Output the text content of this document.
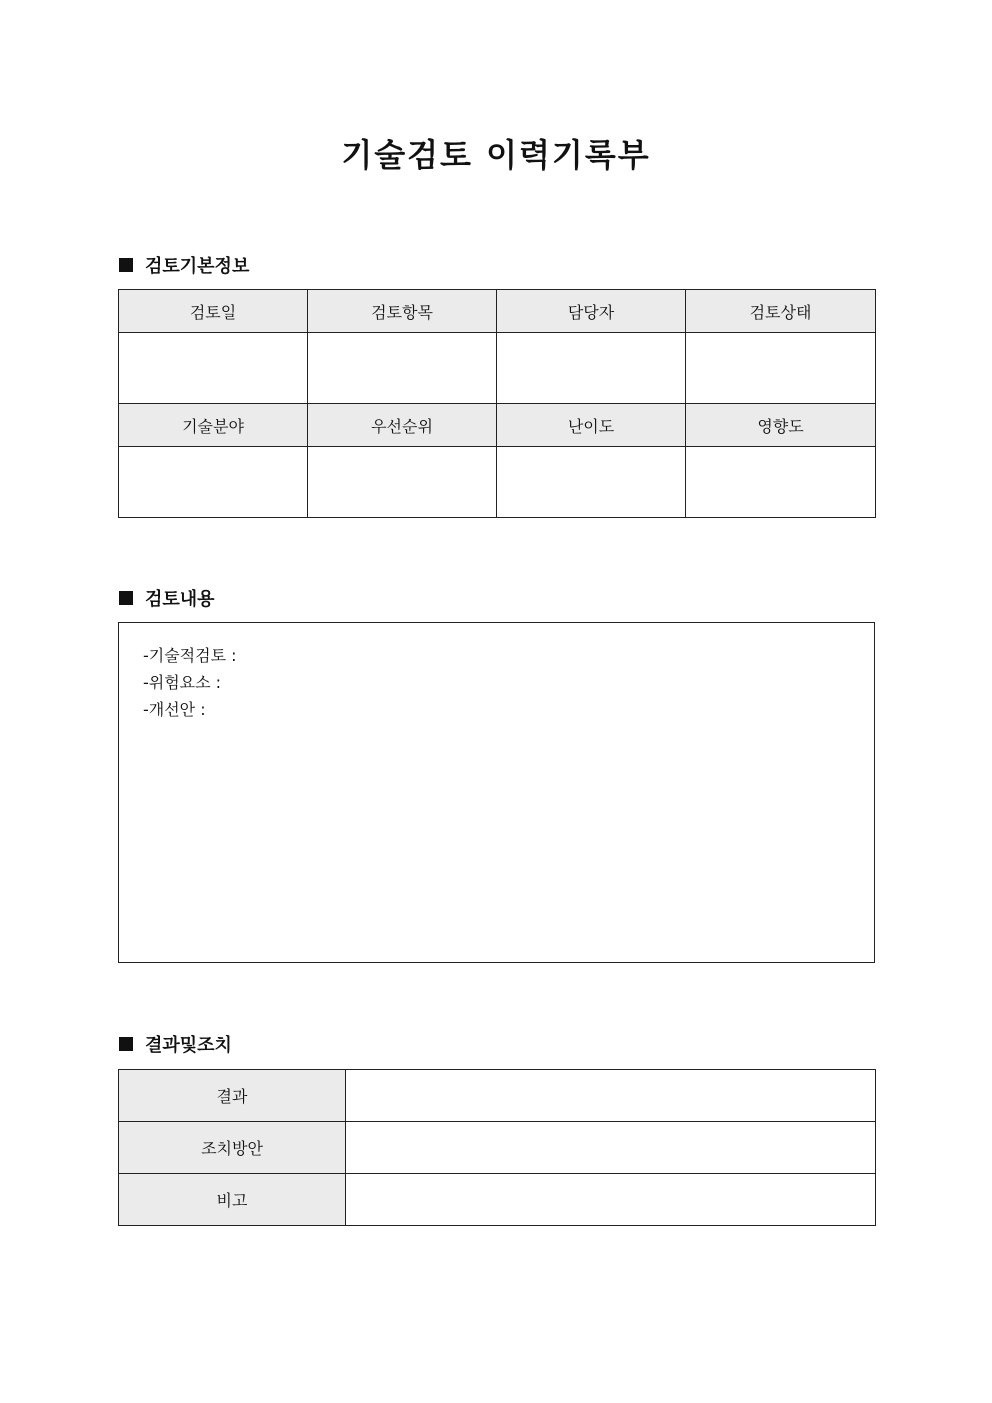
기술검토 이력기록부
검토기본정보
검토일	검토항목	담당자	검토상태

기술분야	우선순위	난이도	영향도

검토내용
-기술적검토 :
-위험요소 :
-개선안 :
결과및조치
결과	
조치방안	
비고	
